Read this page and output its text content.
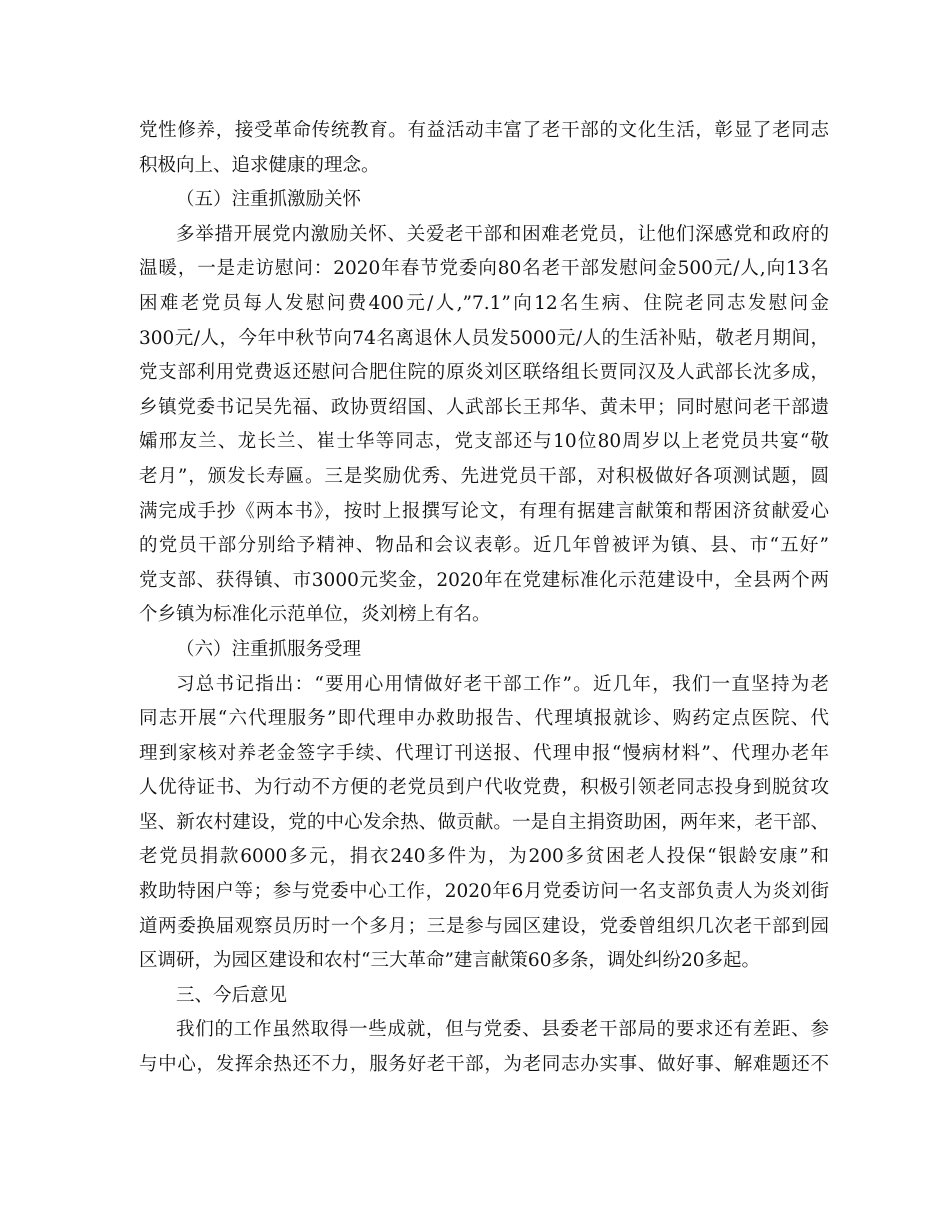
党性修养，接受革命传统教育。有益活动丰富了老干部的文化生活，彰显了老同志
积极向上、追求健康的理念。
（五）注重抓激励关怀
多举措开展党内激励关怀、关爱老干部和困难老党员，让他们深感党和政府的
温暖，一是走访慰问：2020年春节党委向80名老干部发慰问金500元/人,向13名
困难老党员每人发慰问费400元/人,”7.1”向12名生病、住院老同志发慰问金
300元/人，今年中秋节向74名离退休人员发5000元/人的生活补贴，敬老月期间，
党支部利用党费返还慰问合肥住院的原炎刘区联络组长贾同汉及人武部长沈多成，
乡镇党委书记吴先福、政协贾绍国、人武部长王邦华、黄未甲；同时慰问老干部遗
孀邢友兰、龙长兰、崔士华等同志，党支部还与10位80周岁以上老党员共宴“敬
老月”，颁发长寿匾。三是奖励优秀、先进党员干部，对积极做好各项测试题，圆
满完成手抄《两本书》，按时上报撰写论文，有理有据建言献策和帮困济贫献爱心
的党员干部分别给予精神、物品和会议表彰。近几年曾被评为镇、县、市“五好”
党支部、获得镇、市3000元奖金，2020年在党建标准化示范建设中，全县两个两
个乡镇为标准化示范单位，炎刘榜上有名。
（六）注重抓服务受理
习总书记指出：“要用心用情做好老干部工作”。近几年，我们一直坚持为老
同志开展“六代理服务”即代理申办救助报告、代理填报就诊、购药定点医院、代
理到家核对养老金签字手续、代理订刊送报、代理申报“慢病材料”、代理办老年
人优待证书、为行动不方便的老党员到户代收党费，积极引领老同志投身到脱贫攻
坚、新农村建设，党的中心发余热、做贡献。一是自主捐资助困，两年来，老干部、
老党员捐款6000多元，捐衣240多件为，为200多贫困老人投保“银龄安康”和
救助特困户等；参与党委中心工作，2020年6月党委访问一名支部负责人为炎刘街
道两委换届观察员历时一个多月；三是参与园区建设，党委曾组织几次老干部到园
区调研，为园区建设和农村“三大革命”建言献策60多条，调处纠纷20多起。
三、今后意见
我们的工作虽然取得一些成就，但与党委、县委老干部局的要求还有差距、参
与中心，发挥余热还不力，服务好老干部，为老同志办实事、做好事、解难题还不
